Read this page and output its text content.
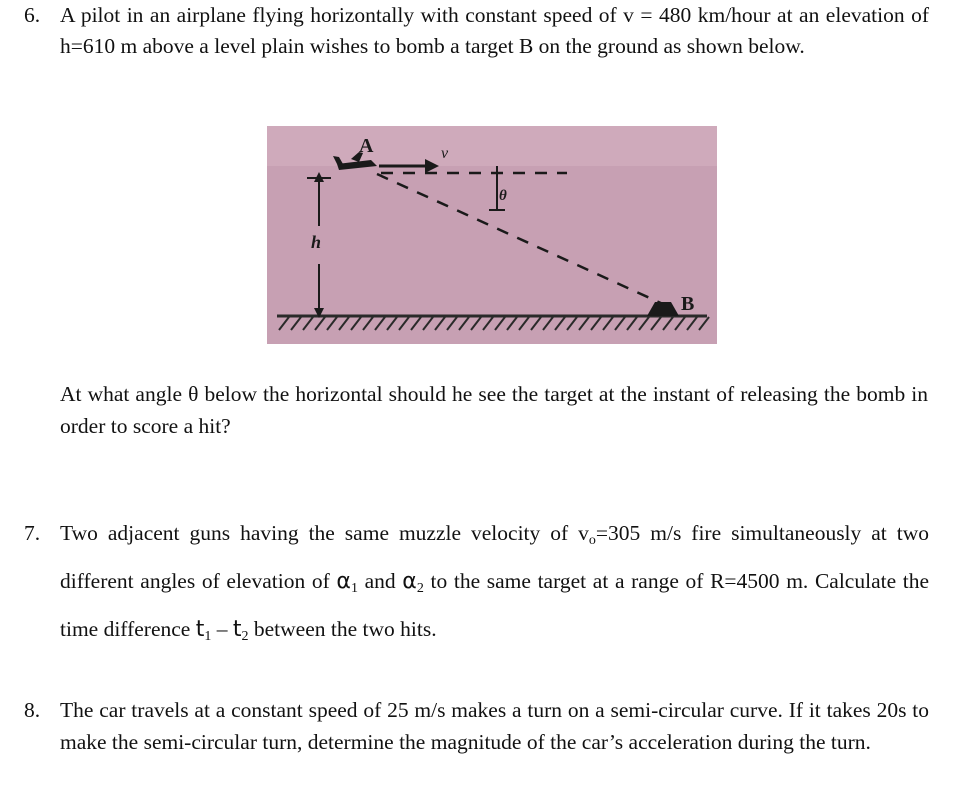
6. A pilot in an airplane flying horizontally with constant speed of v = 480 km/hour at an elevation of h=610 m above a level plain wishes to bomb a target B on the ground as shown below.
h
A	v
θ
B
At what angle θ below the horizontal should he see the target at the instant of releasing the bomb in order to score a hit?
7. Two adjacent guns having the same muzzle velocity of $v_o=305$ m/s fire simultaneously at two different angles of elevation of $\alpha_1$ and $\alpha_2$ to the same target at a range of R=4500 m. Calculate the time difference $t_1 - t_2$ between the two hits.
8. The car travels at a constant speed of 25 m/s makes a turn on a semi-circular curve. If it takes 20s to make the semi-circular turn, determine the magnitude of the car’s acceleration during the turn.
